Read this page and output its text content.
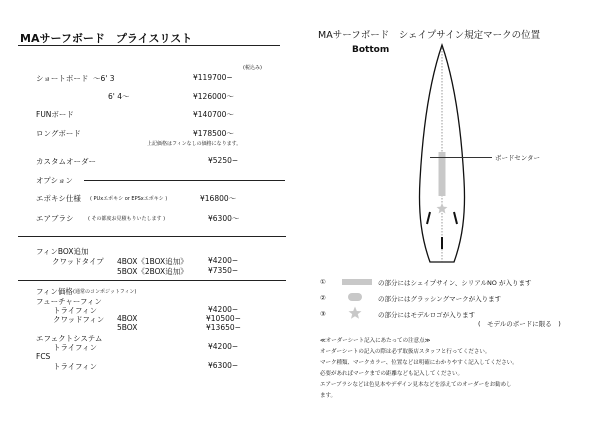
MAサーフボード　プライスリスト
(税込み)
ショートボード 〜6' 3	¥119700−
6' 4〜	¥126000〜
FUNボード	¥140700〜
ロングボード	¥178500〜
上記価格はフィンなしの価格になります。
カスタムオーダー	¥5250−
オプション
エポキシ仕様 ( PUxエポキシ or EPSxエポキシ )	¥16800〜
エアブラシ	( その都度お見積もりいたします )	¥6300〜
フィンBOX追加
クワッドタイプ 4BOX《1BOX追加》	¥4200−
5BOX《2BOX追加》	¥7350−
フィン価格 (通常のコンポジットフィン)
フューチャーフィン
トライフィン	¥4200−
クワッドフィン 4BOX	¥10500−
5BOX	¥13650−
エフェクトシステム
トライフィン	¥4200−
FCS
トライフィン	¥6300−
MAサーフボード　シェイプサイン規定マークの位置
Bottom
ボードセンター
①	の部分にはシェイプサイン、シリアルNO が入ります
②	の部分にはグラッシングマークが入ります
③	の部分にはモデルロゴが入ります
(　モデルのボードに限る　)
≪オーダーシート記入にあたっての注意点≫
オーダーシートの記入の際は必ず取扱店スタッフと行ってください。
マーク種類、マークカラー、位置などは明確にわかりやすく記入してください。
必要があればマークまでの距離なども記入してください。
エアーブラシなどは色見本やデザイン見本などを添えてのオーダーをお勧めし
ます。
